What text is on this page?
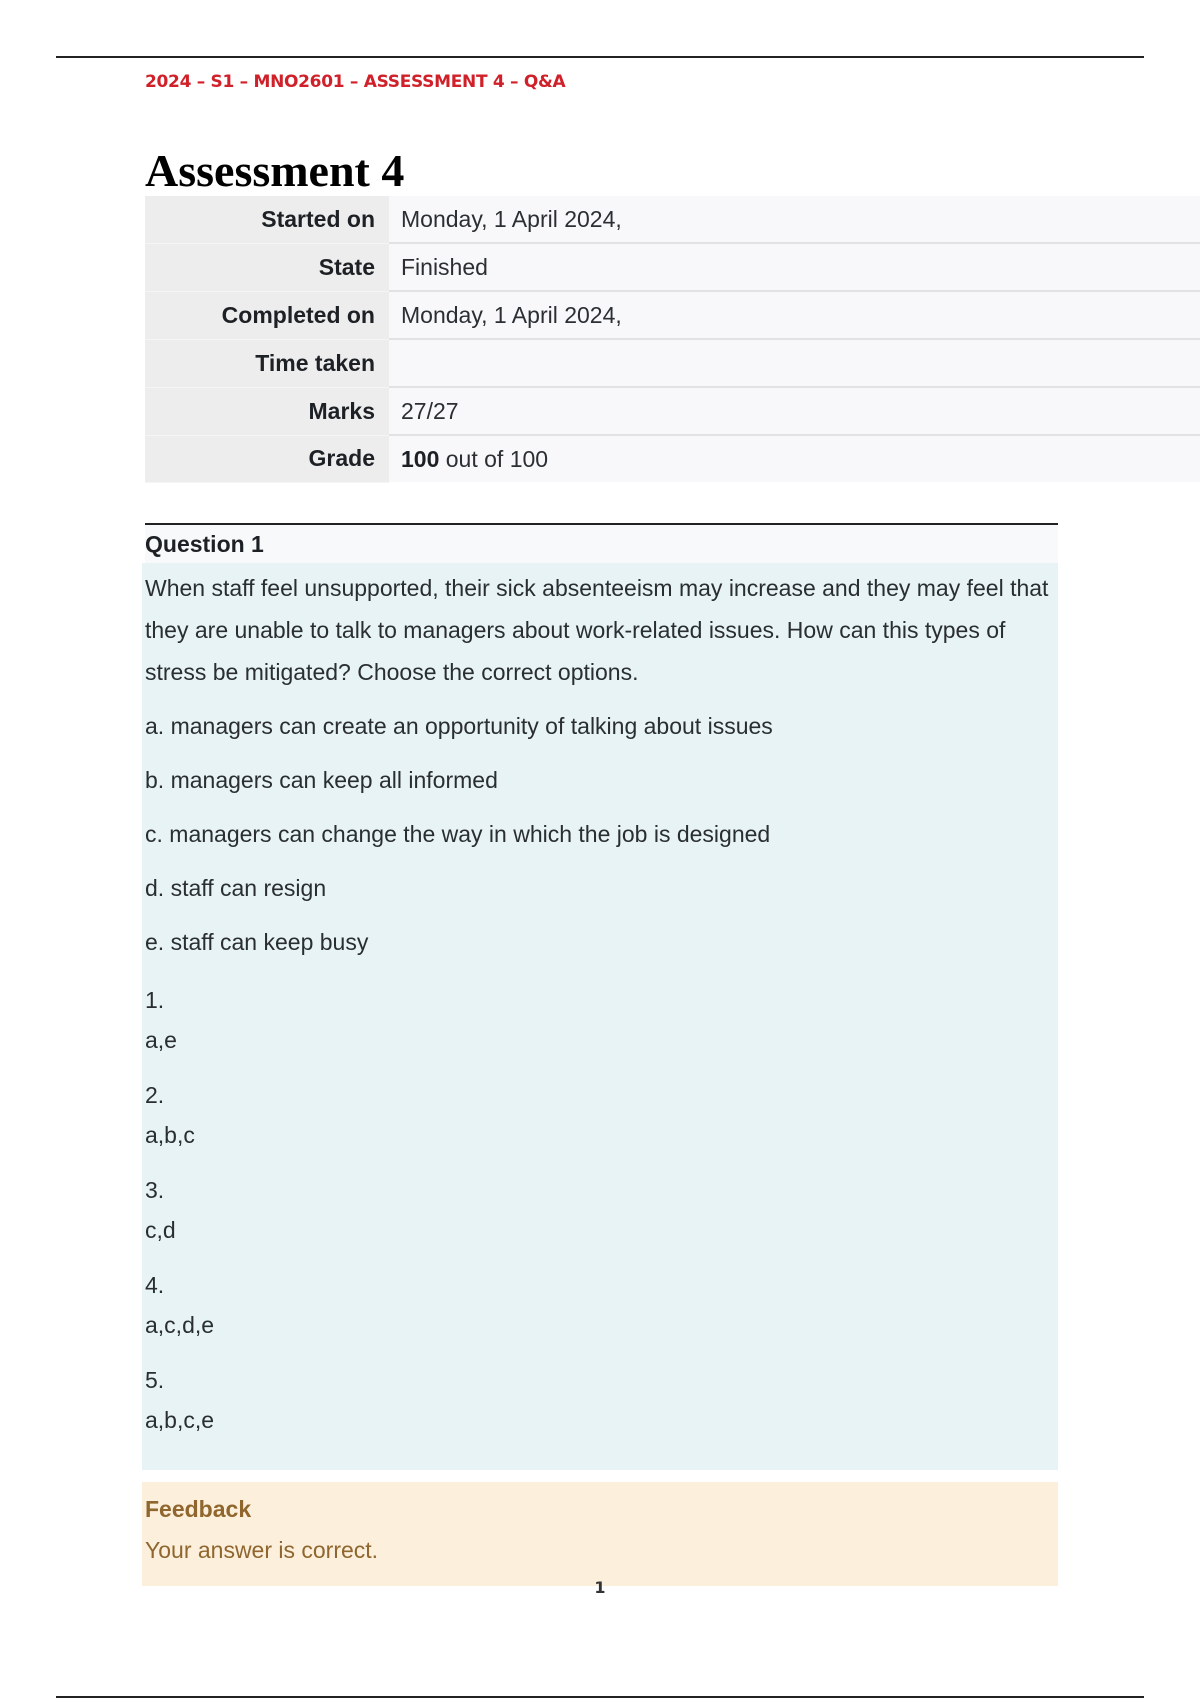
2024 – S1 – MNO2601 – ASSESSMENT 4 – Q&A
Assessment 4
Started on	Monday, 1 April 2024,
State	Finished
Completed on	Monday, 1 April 2024,
Time taken	
Marks	27/27
Grade	100 out of 100
Question 1

When staff feel unsupported, their sick absenteeism may increase and they may feel that they are unable to talk to managers about work-related issues. How can this types of stress be mitigated? Choose the correct options.

a. managers can create an opportunity of talking about issues
b. managers can keep all informed
c. managers can change the way in which the job is designed
d. staff can resign
e. staff can keep busy
1.
a,e
2.
a,b,c
3.
c,d
4.
a,c,d,e
5.
a,b,c,e
Feedback
Your answer is correct.
1
